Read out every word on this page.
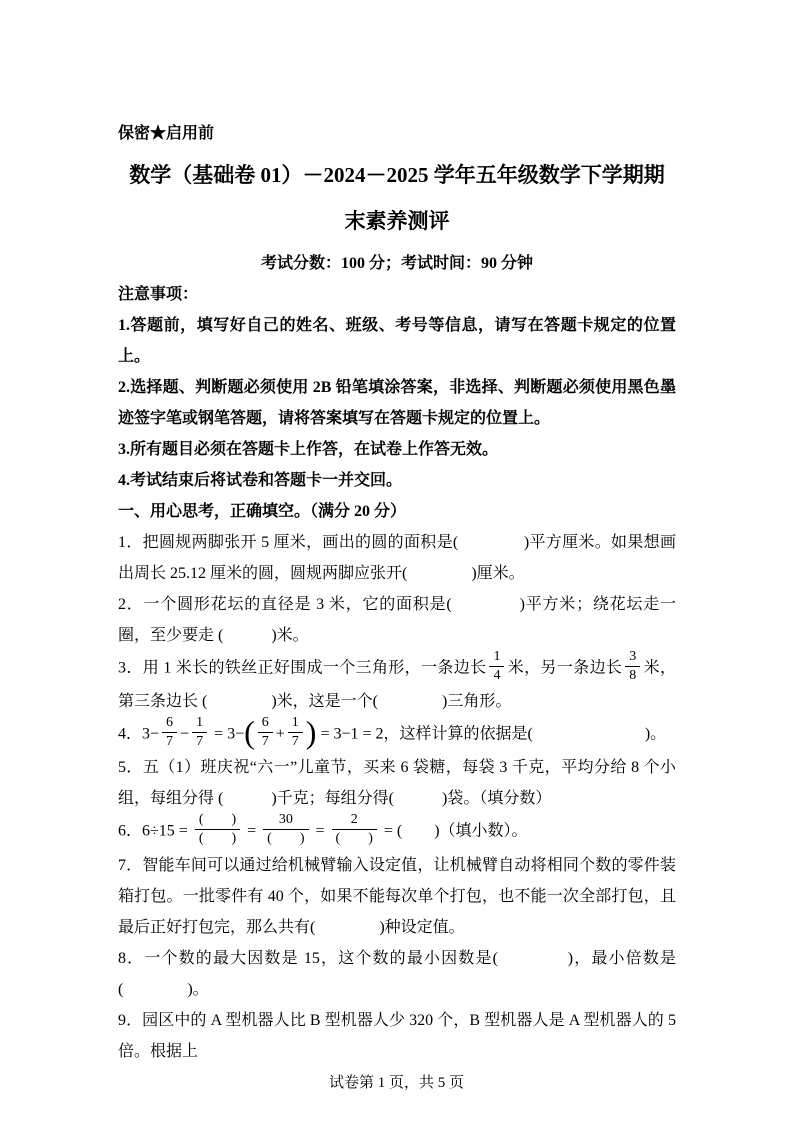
保密★启用前
数学（基础卷 01）－2024－2025 学年五年级数学下学期期
末素养测评
考试分数：100 分；考试时间：90 分钟
注意事项：

1.答题前，填写好自己的姓名、班级、考号等信息，请写在答题卡规定的位置上。

2.选择题、判断题必须使用 2B 铅笔填涂答案，非选择、判断题必须使用黑色墨迹签字笔或钢笔答题，请将答案填写在答题卡规定的位置上。

3.所有题目必须在答题卡上作答，在试卷上作答无效。

4.考试结束后将试卷和答题卡一并交回。

一、用心思考，正确填空。（满分 20 分）

1．把圆规两脚张开 5 厘米，画出的圆的面积是(　　　　)平方厘米。如果想画出周长 25.12 厘米的圆，圆规两脚应张开(　　　　)厘米。

2．一个圆形花坛的直径是 3 米，它的面积是(　　　　)平方米；绕花坛走一圈，至少要走 (　　　)米。

3．用 1 米长的铁丝正好围成一个三角形，一条边长 $\frac{1}{4}$ 米，另一条边长 $\frac{3}{8}$ 米，第三条边长 (　　　　)米，这是一个(　　　　)三角形。

4．$3- \frac{6}{7} - \frac{1}{7} = 3-( \frac{6}{7} + \frac{1}{7}$ ) = 3−1 = 2，这样计算的依据是(　　　　　　　)。

5．五（1）班庆祝“六一”儿童节，买来 6 袋糖，每袋 3 千克，平均分给 8 个小组，每组分得 (　　　)千克；每组分得(　　　)袋。（填分数）

6．$6\div 15 = \frac{( )}{( )} = \frac{30}{( )} = \frac{2}{( )}$ = (　　)（填小数）。

7．智能车间可以通过给机械臂输入设定值，让机械臂自动将相同个数的零件装箱打包。一批零件有 40 个，如果不能每次单个打包，也不能一次全部打包，且最后正好打包完，那么共有(　　　　)种设定值。

8．一个数的最大因数是 15，这个数的最小因数是(　　　　)，最小倍数是(　　　　)。

9．园区中的 A 型机器人比 B 型机器人少 320 个，B 型机器人是 A 型机器人的 5 倍。根据上

试卷第 1 页，共 5 页
